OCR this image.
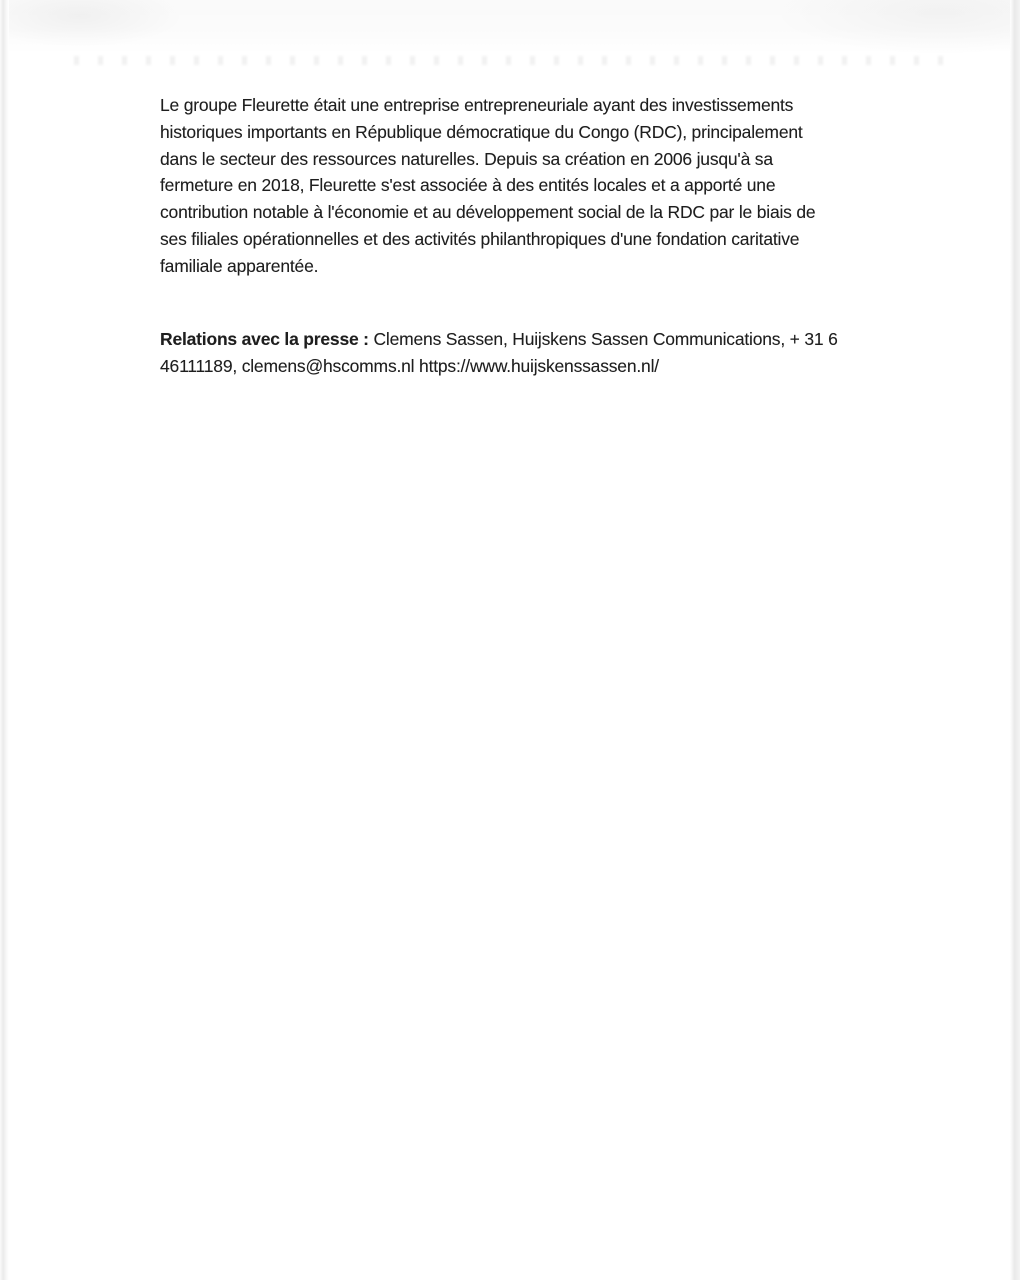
Le groupe Fleurette était une entreprise entrepreneuriale ayant des investissements
historiques importants en République démocratique du Congo (RDC), principalement
dans le secteur des ressources naturelles. Depuis sa création en 2006 jusqu'à sa
fermeture en 2018, Fleurette s'est associée à des entités locales et a apporté une
contribution notable à l'économie et au développement social de la RDC par le biais de
ses filiales opérationnelles et des activités philanthropiques d'une fondation caritative
familiale apparentée.
Relations avec la presse : Clemens Sassen, Huijskens Sassen Communications, + 31 6
46111189, clemens@hscomms.nl https://www.huijskenssassen.nl/
